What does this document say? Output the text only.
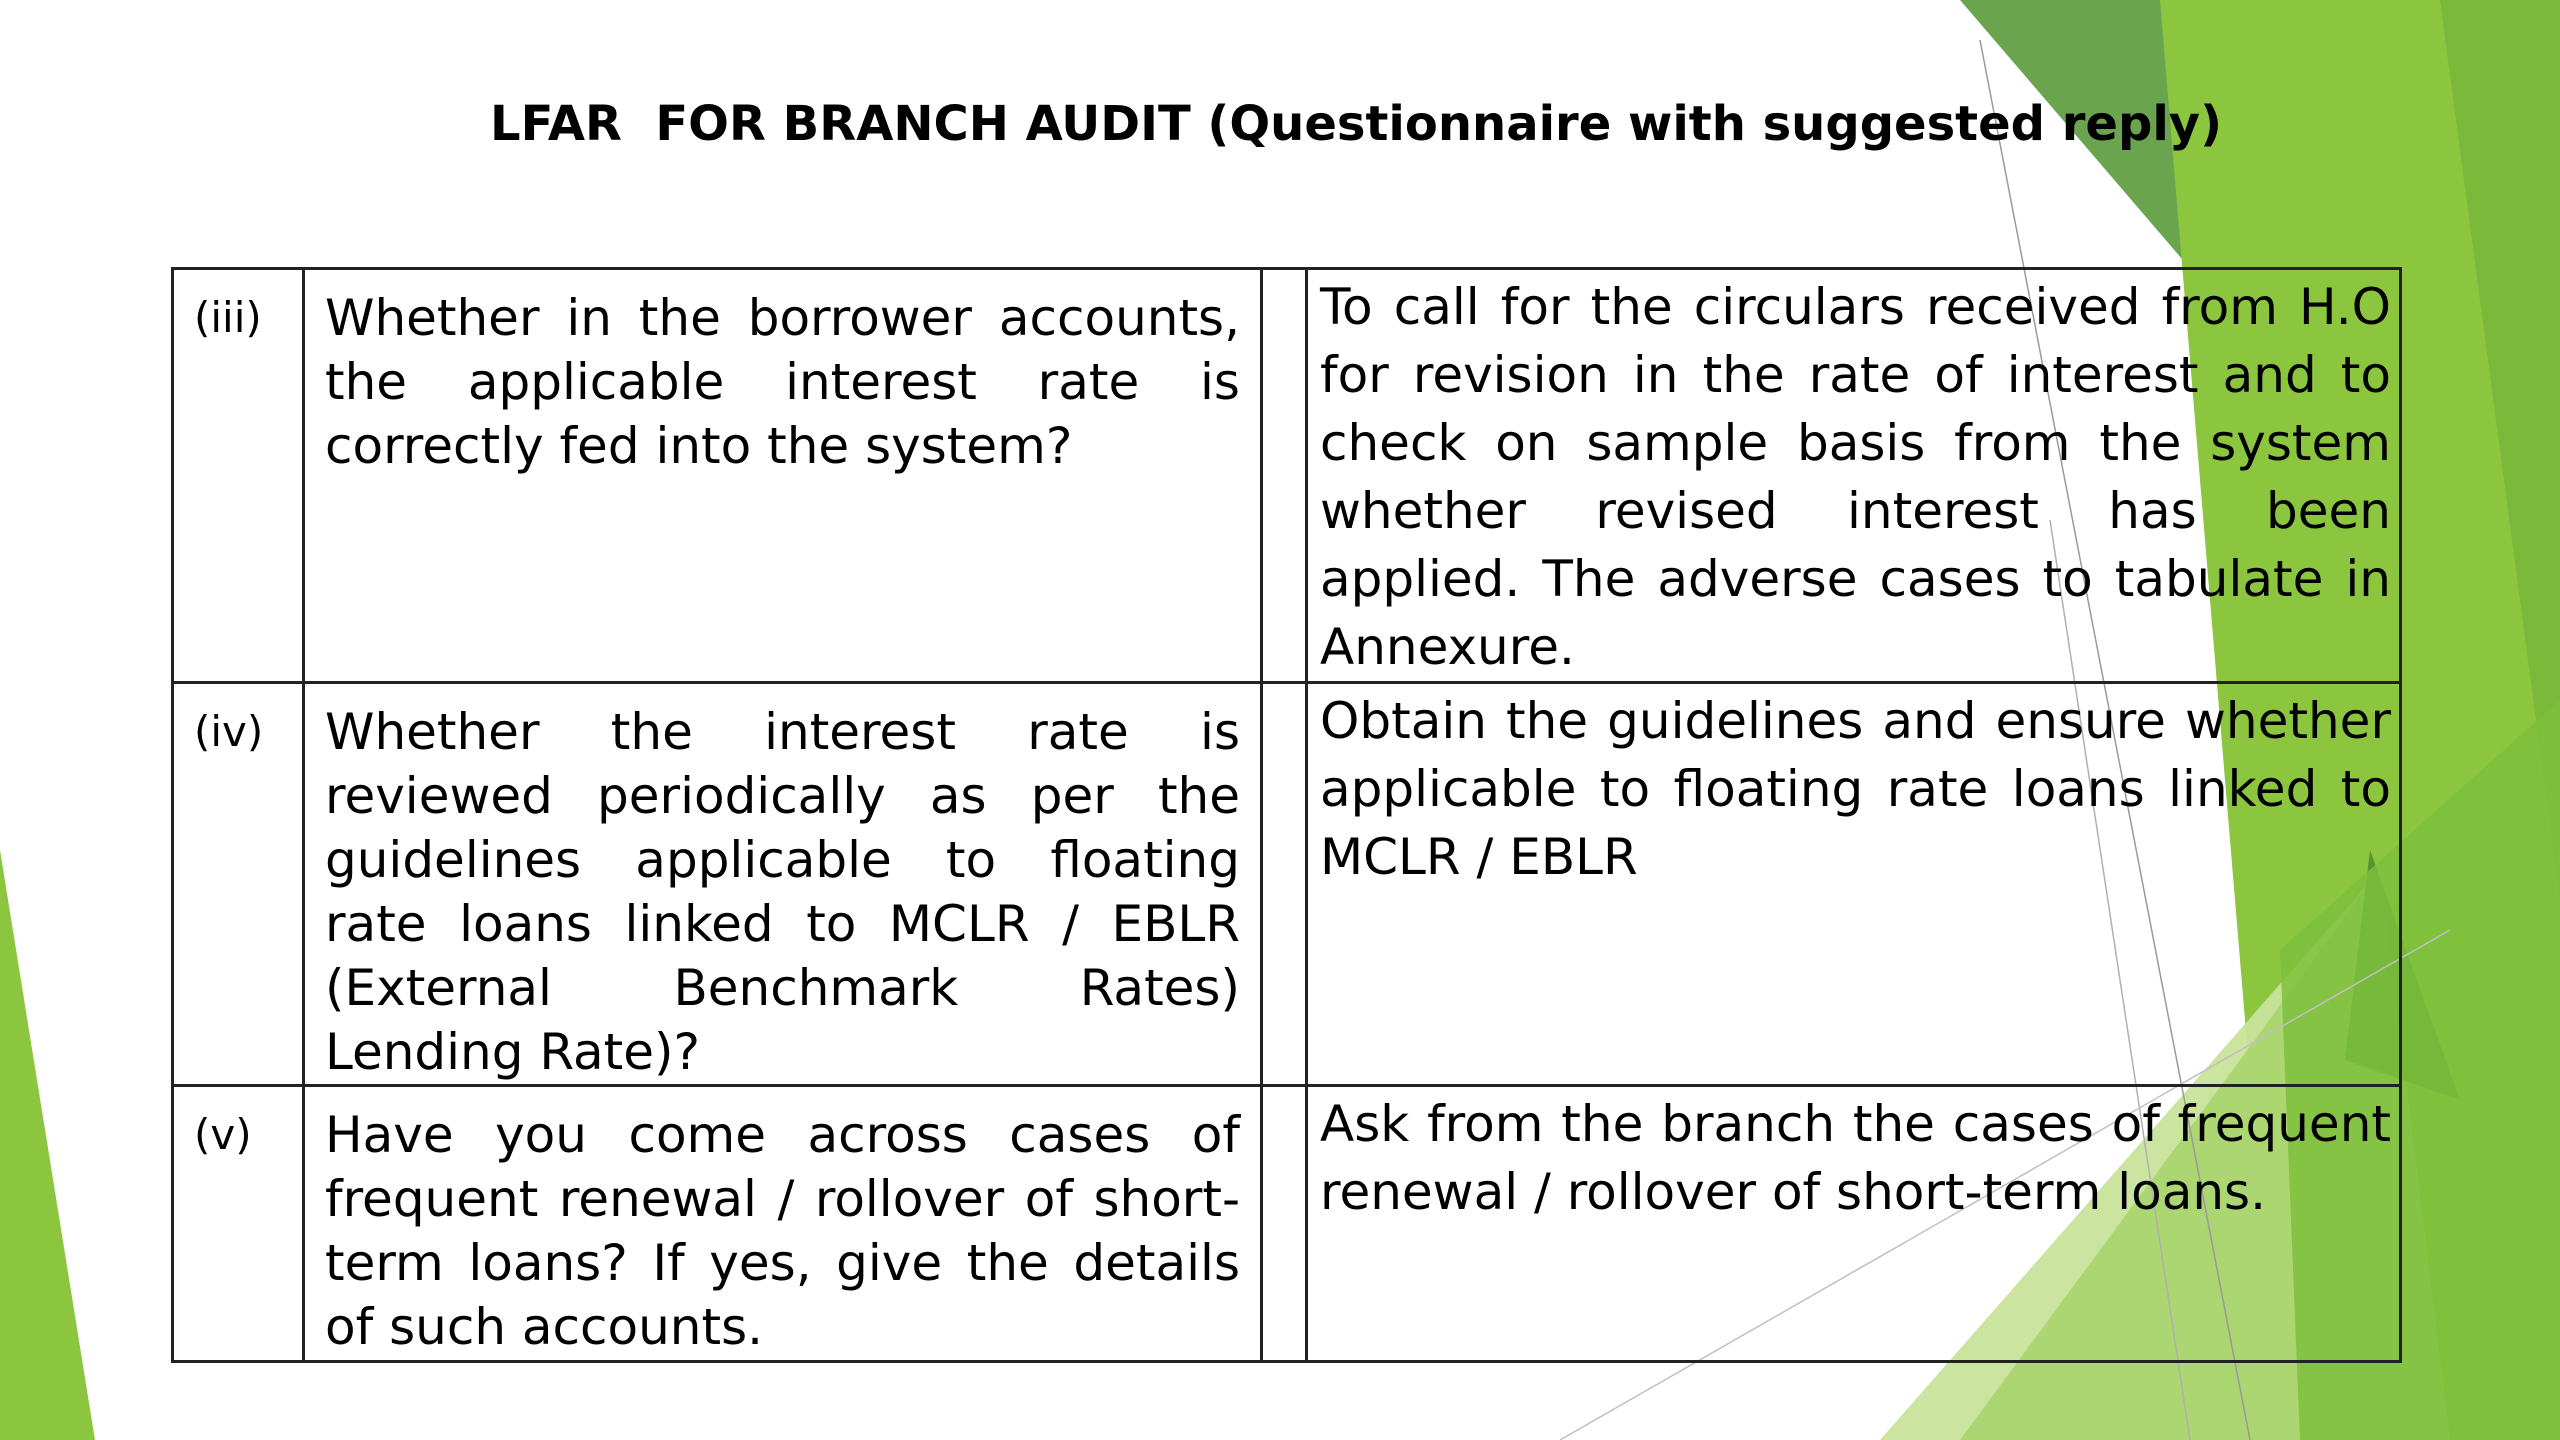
LFAR  FOR BRANCH AUDIT (Questionnaire with suggested reply)
(iii)	Whether in the borrower accounts, the applicable interest rate is correctly fed into the system?		To call for the circulars received from H.O for revision in the rate of interest and to check on sample basis from the system whether revised interest has been applied. The adverse cases to tabulate in Annexure.
(iv)	Whether the interest rate is reviewed periodically as per the guidelines applicable to floating rate loans linked to MCLR / EBLR (External Benchmark Rates) Lending Rate)?		Obtain the guidelines and ensure whether applicable to floating rate loans linked to MCLR / EBLR
(v)	Have you come across cases of frequent renewal / rollover of short-term loans? If yes, give the details of such accounts.		Ask from the branch the cases of frequent renewal / rollover of short-term loans.
